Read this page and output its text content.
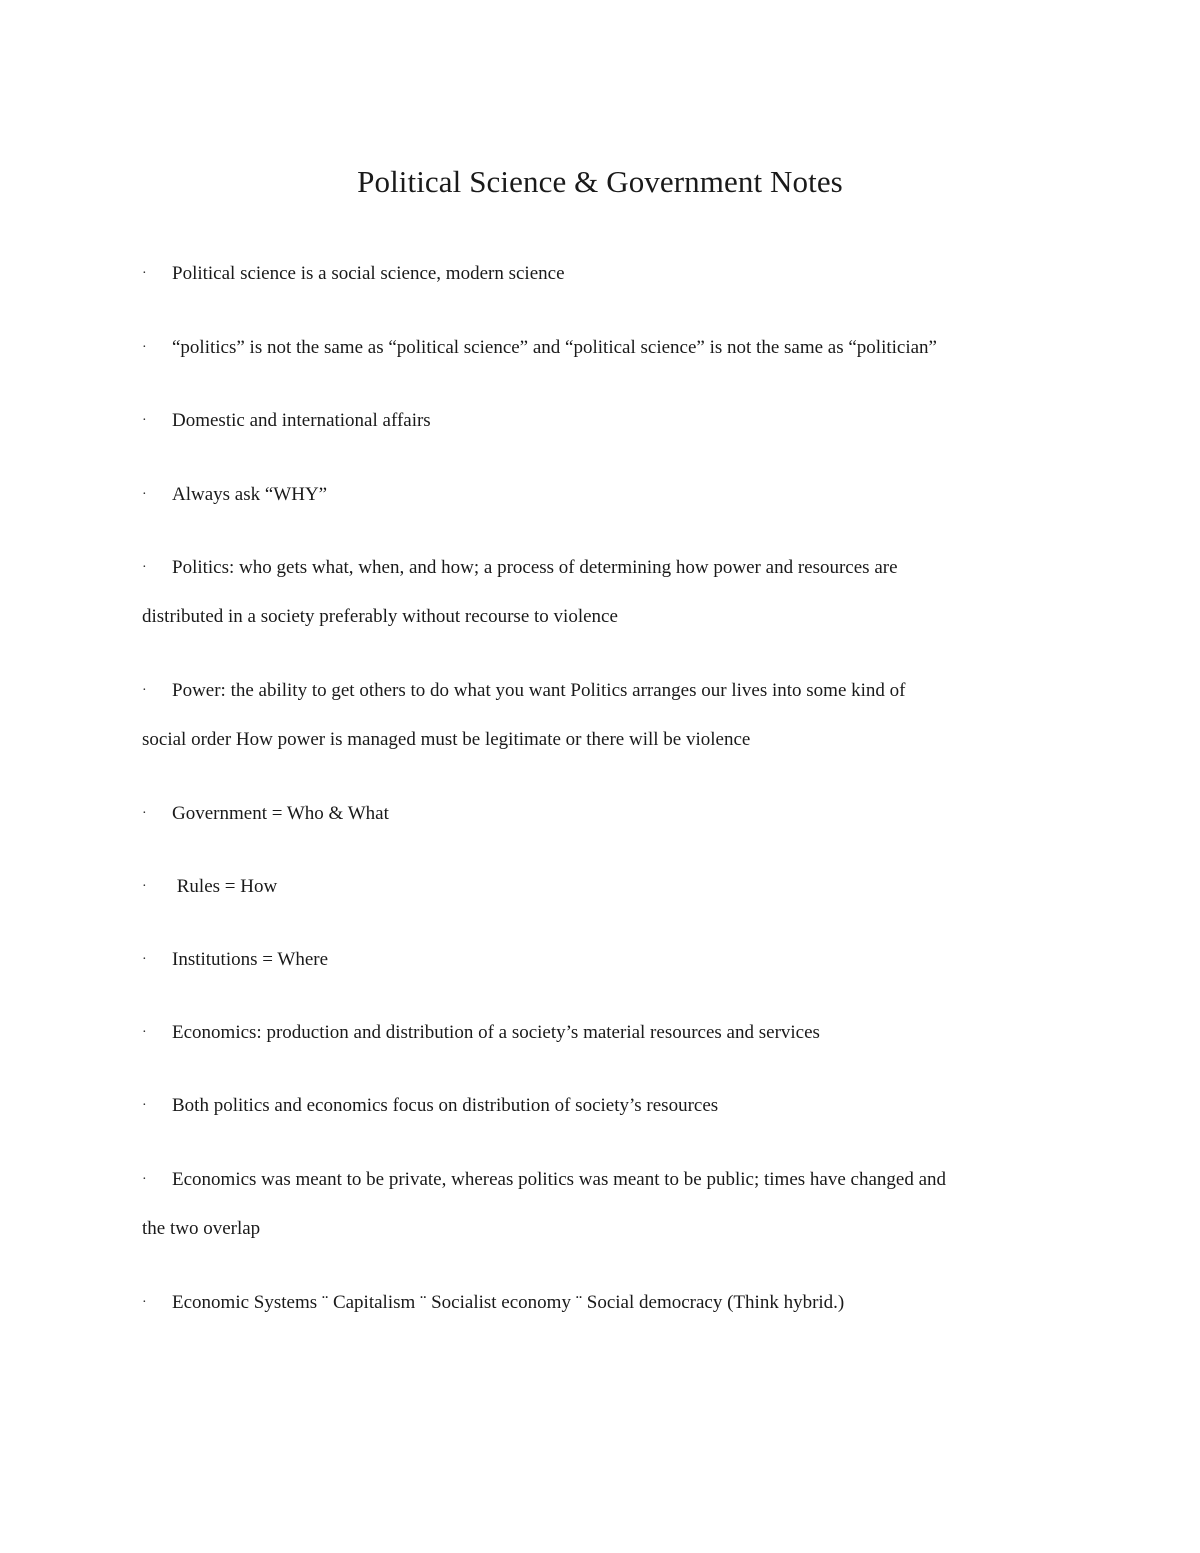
Political Science & Government Notes
· Political science is a social science, modern science
· “politics” is not the same as “political science” and “political science” is not the same as “politician”
· Domestic and international affairs
· Always ask “WHY”
· Politics: who gets what, when, and how; a process of determining how power and resources are
distributed in a society preferably without recourse to violence
· Power: the ability to get others to do what you want Politics arranges our lives into some kind of
social order How power is managed must be legitimate or there will be violence
· Government = Who & What
· Rules = How
· Institutions = Where
· Economics: production and distribution of a society’s material resources and services
· Both politics and economics focus on distribution of society’s resources
· Economics was meant to be private, whereas politics was meant to be public; times have changed and
the two overlap
· Economic Systems ¨ Capitalism ¨ Socialist economy ¨ Social democracy (Think hybrid.)
